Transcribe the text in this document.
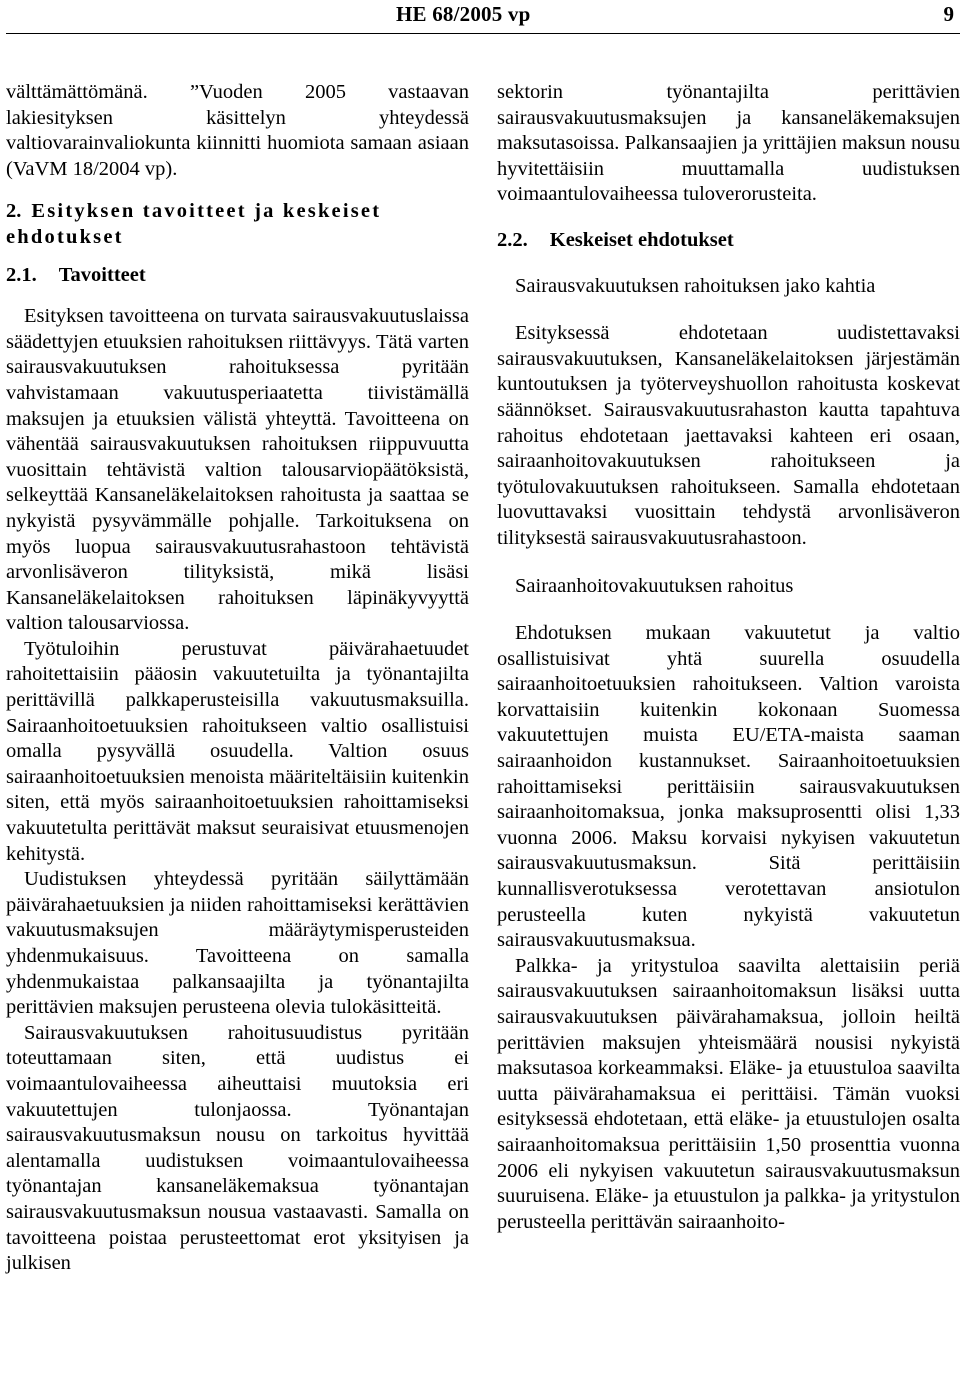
HE 68/2005 vp	9

välttämättömänä. ”Vuoden 2005 vastaavan lakiesityksen käsittelyn yhteydessä valtiovarainvaliokunta kiinnitti huomiota samaan asiaan (VaVM 18/2004 vp).

2. Esityksen tavoitteet ja keskeiset ehdotukset
2.1. Tavoitteet

Esityksen tavoitteena on turvata sairausvakuutuslaissa säädettyjen etuuksien rahoituksen riittävyys. Tätä varten sairausvakuutuksen rahoituksessa pyritään vahvistamaan vakuutusperiaatetta tiivistämällä maksujen ja etuuksien välistä yhteyttä. Tavoitteena on vähentää sairausvakuutuksen rahoituksen riippuvuutta vuosittain tehtävistä valtion talousarviopäätöksistä, selkeyttää Kansaneläkelaitoksen rahoitusta ja saattaa se nykyistä pysyvämmälle pohjalle. Tarkoituksena on myös luopua sairausvakuutusrahastoon tehtävistä arvonlisäveron tilityksistä, mikä lisäsi Kansaneläkelaitoksen rahoituksen läpinäkyvyyttä valtion talousarviossa.

Työtuloihin perustuvat päivärahaetuudet rahoitettaisiin pääosin vakuutetuilta ja työnantajilta perittävillä palkkaperusteisilla vakuutusmaksuilla. Sairaanhoitoetuuksien rahoitukseen valtio osallistuisi omalla pysyvällä osuudella. Valtion osuus sairaanhoitoetuuksien menoista määriteltäisiin kuitenkin siten, että myös sairaanhoitoetuuksien rahoittamiseksi vakuutetulta perittävät maksut seuraisivat etuusmenojen kehitystä.

Uudistuksen yhteydessä pyritään säilyttämään päivärahaetuuksien ja niiden rahoittamiseksi kerättävien vakuutusmaksujen määräytymisperusteiden yhdenmukaisuus. Tavoitteena on samalla yhdenmukaistaa palkansaajilta ja työnantajilta perittävien maksujen perusteena olevia tulokäsitteitä.

Sairausvakuutuksen rahoitusuudistus pyritään toteuttamaan siten, että uudistus ei voimaantulovaiheessa aiheuttaisi muutoksia eri vakuutettujen tulonjaossa. Työnantajan sairausvakuutusmaksun nousu on tarkoitus hyvittää alentamalla uudistuksen voimaantulovaiheessa työnantajan kansaneläkemaksua työnantajan sairausvakuutusmaksun nousua vastaavasti. Samalla on tavoitteena poistaa perusteettomat erot yksityisen ja julkisen

sektorin työnantajilta perittävien sairausvakuutusmaksujen ja kansaneläkemaksujen maksutasoissa. Palkansaajien ja yrittäjien maksun nousu hyvitettäisiin muuttamalla uudistuksen voimaantulovaiheessa tuloverorusteita.

2.2. Keskeiset ehdotukset

Sairausvakuutuksen rahoituksen jako kahtia

Esityksessä ehdotetaan uudistettavaksi sairausvakuutuksen, Kansaneläkelaitoksen järjestämän kuntoutuksen ja työterveyshuollon rahoitusta koskevat säännökset. Sairausvakuutusrahaston kautta tapahtuva rahoitus ehdotetaan jaettavaksi kahteen eri osaan, sairaanhoitovakuutuksen rahoitukseen ja työtulovakuutuksen rahoitukseen. Samalla ehdotetaan luovuttavaksi vuosittain tehdystä arvonlisäveron tilityksestä sairausvakuutusrahastoon.

Sairaanhoitovakuutuksen rahoitus

Ehdotuksen mukaan vakuutetut ja valtio osallistuisivat yhtä suurella osuudella sairaanhoitoetuuksien rahoitukseen. Valtion varoista korvattaisiin kuitenkin kokonaan Suomessa vakuutettujen muista EU/ETA-maista saaman sairaanhoidon kustannukset. Sairaanhoitoetuuksien rahoittamiseksi perittäisiin sairausvakuutuksen sairaanhoitomaksua, jonka maksuprosentti olisi 1,33 vuonna 2006. Maksu korvaisi nykyisen vakuutetun sairausvakuutusmaksun. Sitä perittäisiin kunnallisverotuksessa verotettavan ansiotulon perusteella kuten nykyistä vakuutetun sairausvakuutusmaksua.

Palkka- ja yritystuloa saavilta alettaisiin periä sairausvakuutuksen sairaanhoitomaksun lisäksi uutta sairausvakuutuksen päivärahamaksua, jolloin heiltä perittävien maksujen yhteismäärä nousisi nykyistä maksutasoa korkeammaksi. Eläke- ja etuustuloa saavilta uutta päivärahamaksua ei perittäisi. Tämän vuoksi esityksessä ehdotetaan, että eläke- ja etuustulojen osalta sairaanhoitomaksua perittäisiin 1,50 prosenttia vuonna 2006 eli nykyisen vakuutetun sairausvakuutusmaksun suuruisena. Eläke- ja etuustulon ja palkka- ja yritystulon perusteella perittävän sairaanhoito-
